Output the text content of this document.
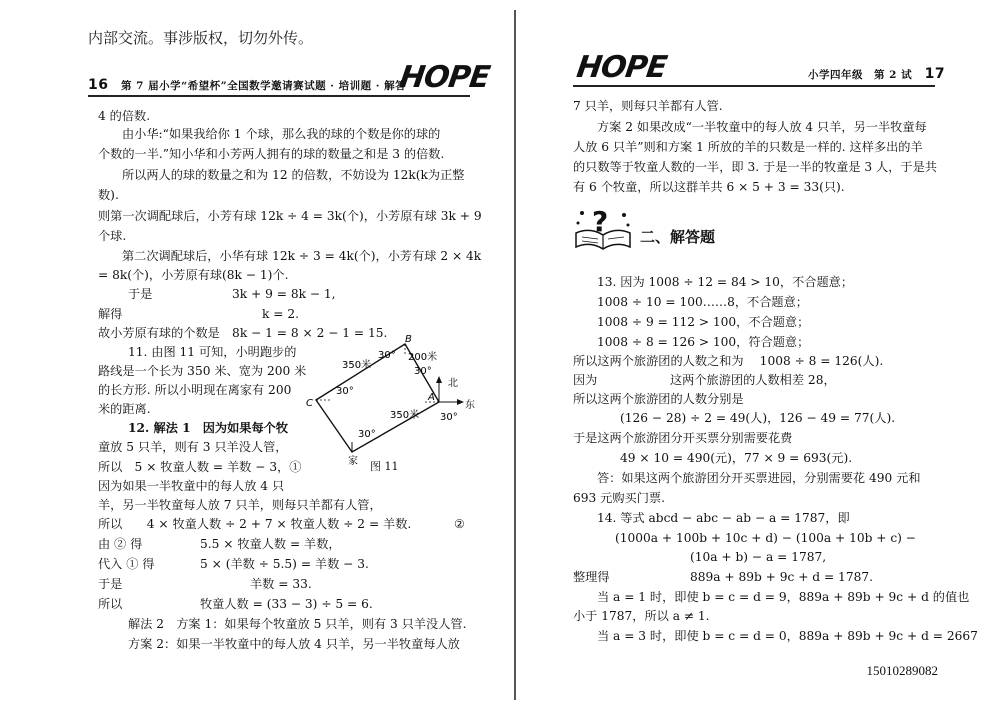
内部交流。事涉版权，切勿外传。
16 第 7 届小学“希望杯”全国数学邀请赛试题 · 培训题 · 解答
HOPE
4 的倍数.
由小华:“如果我给你 1 个球，那么我的球的个数是你的球的
个数的一半.”知小华和小芳两人拥有的球的数量之和是 3 的倍数.
所以两人的球的数量之和为 12 的倍数，不妨设为 12k(k为正整
数).
则第一次调配球后，小芳有球 12k ÷ 4 = 3k(个)，小芳原有球 3k + 9
个球.
第二次调配球后，小华有球 12k ÷ 3 = 4k(个)，小芳有球 2 × 4k
= 8k(个)，小芳原有球(8k − 1)个.
于是	3k + 9 = 8k − 1,
解得	k = 2.
故小芳原有球的个数是　8k − 1 = 8 × 2 − 1 = 15.
11. 由图 11 可知，小明跑步的
路线是一个长为 350 米、宽为 200 米
的长方形. 所以小明现在离家有 200
米的距离.
12. 解法 1　因为如果每个牧
童放 5 只羊，则有 3 只羊没人管，
所以　5 × 牧童人数 = 羊数 − 3，①
因为如果一半牧童中的每人放 4 只
羊，另一半牧童每人放 7 只羊，则每只羊都有人管，
所以　　4 × 牧童人数 ÷ 2 + 7 × 牧童人数 ÷ 2 = 羊数.	②
由 ② 得	5.5 × 牧童人数 = 羊数，
代入 ① 得	5 × (羊数 ÷ 5.5) = 羊数 − 3.
于是	羊数 = 33.
所以	牧童人数 = (33 − 3) ÷ 5 = 6.
解法 2　方案 1：如果每个牧童放 5 只羊，则有 3 只羊没人管.
方案 2：如果一半牧童中的每人放 4 只羊，另一半牧童每人放
B
C
A
家
北
东
350米
350米
200米
30°
30°
30°
30°
30°
图 11
HOPE	小学四年级　第 2 试 17
7 只羊，则每只羊都有人管.
方案 2 如果改成“一半牧童中的每人放 4 只羊，另一半牧童每
人放 6 只羊”则和方案 1 所放的羊的只数是一样的. 这样多出的羊
的只数等于牧童人数的一半，即 3. 于是一半的牧童是 3 人，于是共
有 6 个牧童，所以这群羊共 6 × 5 + 3 = 33(只).
? 二、解答题
13. 因为 1008 ÷ 12 = 84 > 10，不合题意；
1008 ÷ 10 = 100……8，不合题意；
1008 ÷ 9 = 112 > 100，不合题意；
1008 ÷ 8 = 126 > 100，符合题意；
所以这两个旅游团的人数之和为　 1008 ÷ 8 = 126(人).
因为	这两个旅游团的人数相差 28，
所以这两个旅游团的人数分别是
(126 − 28) ÷ 2 = 49(人)，126 − 49 = 77(人).
于是这两个旅游团分开买票分别需要花费
49 × 10 = 490(元)，77 × 9 = 693(元).
答：如果这两个旅游团分开买票进园，分别需要花 490 元和
693 元购买门票.
14. 等式 abcd − abc − ab − a = 1787，即
(1000a + 100b + 10c + d) − (100a + 10b + c) −
(10a + b) − a = 1787,
整理得	889a + 89b + 9c + d = 1787.
当 a = 1 时，即使 b = c = d = 9，889a + 89b + 9c + d 的值也
小于 1787，所以 a ≠ 1.
当 a = 3 时，即使 b = c = d = 0，889a + 89b + 9c + d = 2667
15010289082
